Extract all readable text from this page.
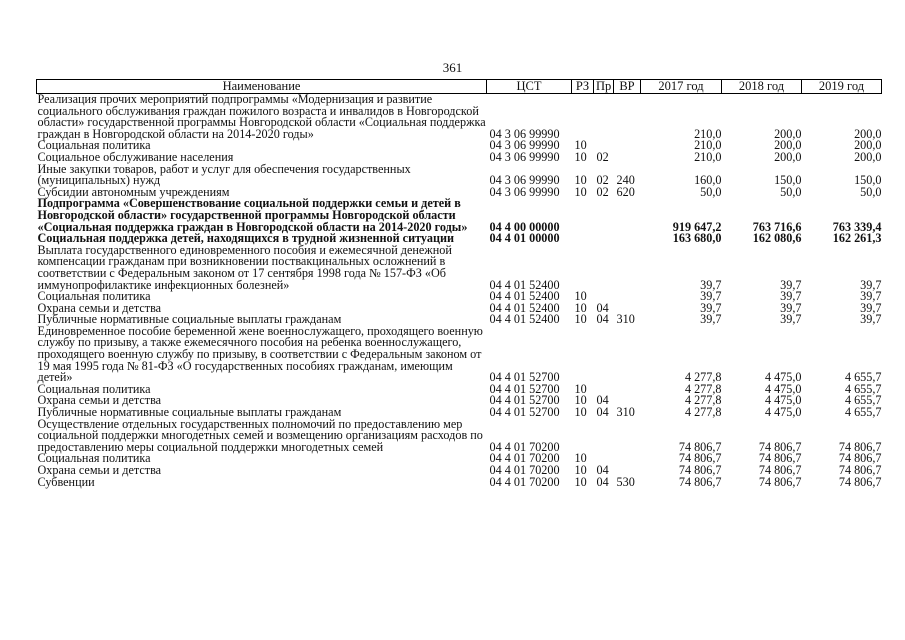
361
Наименование	ЦСТ	РЗ	Пр	ВР	2017 год	2018 год	2019 год
Реализация прочих мероприятий подпрограммы «Модернизация и развитие социального обслуживания граждан пожилого возраста и инвалидов в Новгородской области» государственной программы Новгородской области «Социальная поддержка граждан в Новгородской области на 2014-2020 годы»	04 3 06 99990				210,0	200,0	200,0
Социальная политика	04 3 06 99990	10			210,0	200,0	200,0
Социальное обслуживание населения	04 3 06 99990	10	02		210,0	200,0	200,0
Иные закупки товаров, работ и услуг для обеспечения государственных (муниципальных) нужд	04 3 06 99990	10	02	240	160,0	150,0	150,0
Субсидии автономным учреждениям	04 3 06 99990	10	02	620	50,0	50,0	50,0
Подпрограмма «Совершенствование социальной поддержки семьи и детей в Новгородской области» государственной программы Новгородской области «Социальная поддержка граждан в Новгородской области на 2014-2020 годы»	04 4 00 00000				919 647,2	763 716,6	763 339,4
Социальная поддержка детей, находящихся в трудной жизненной ситуации	04 4 01 00000				163 680,0	162 080,6	162 261,3
Выплата государственного единовременного пособия и ежемесячной денежной компенсации гражданам при возникновении поствакцинальных осложнений в соответствии с Федеральным законом от 17 сентября 1998 года № 157-ФЗ «Об иммунопрофилактике инфекционных болезней»	04 4 01 52400				39,7	39,7	39,7
Социальная политика	04 4 01 52400	10			39,7	39,7	39,7
Охрана семьи и детства	04 4 01 52400	10	04		39,7	39,7	39,7
Публичные нормативные социальные выплаты гражданам	04 4 01 52400	10	04	310	39,7	39,7	39,7
Единовременное пособие беременной жене военнослужащего, проходящего военную службу по призыву, а также ежемесячного пособия на ребенка военнослужащего, проходящего военную службу по призыву, в соответствии с Федеральным законом от 19 мая 1995 года № 81-ФЗ «О государственных пособиях гражданам, имеющим детей»	04 4 01 52700				4 277,8	4 475,0	4 655,7
Социальная политика	04 4 01 52700	10			4 277,8	4 475,0	4 655,7
Охрана семьи и детства	04 4 01 52700	10	04		4 277,8	4 475,0	4 655,7
Публичные нормативные социальные выплаты гражданам	04 4 01 52700	10	04	310	4 277,8	4 475,0	4 655,7
Осуществление отдельных государственных полномочий по предоставлению мер социальной поддержки многодетных семей и возмещению организациям расходов по предоставлению меры социальной поддержки многодетных семей	04 4 01 70200				74 806,7	74 806,7	74 806,7
Социальная политика	04 4 01 70200	10			74 806,7	74 806,7	74 806,7
Охрана семьи и детства	04 4 01 70200	10	04		74 806,7	74 806,7	74 806,7
Субвенции	04 4 01 70200	10	04	530	74 806,7	74 806,7	74 806,7
